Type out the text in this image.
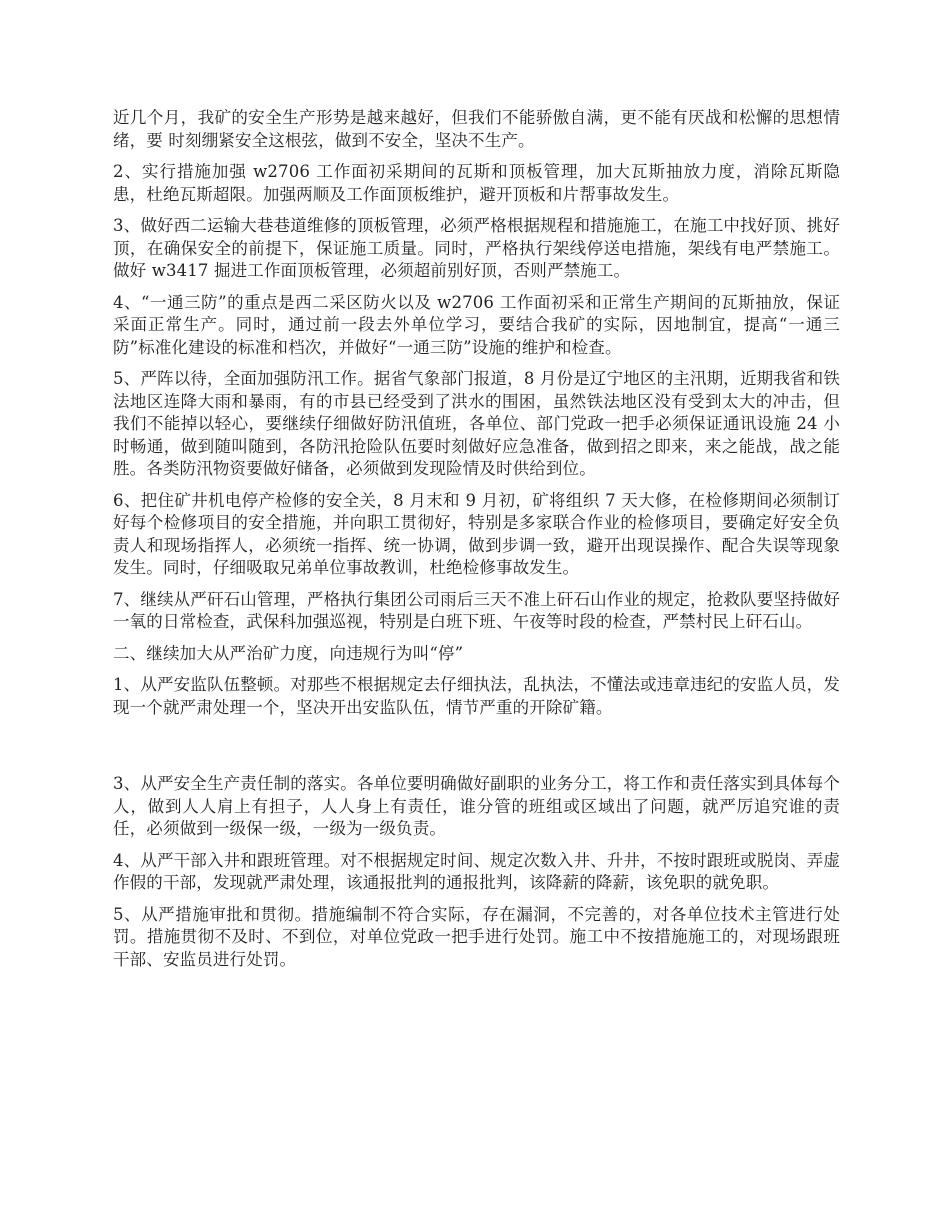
近几个月，我矿的安全生产形势是越来越好，但我们不能骄傲自满，更不能有厌战和松懈的思想情绪，要 时刻绷紧安全这根弦，做到不安全，坚决不生产。

2、实行措施加强 w2706 工作面初采期间的瓦斯和顶板管理，加大瓦斯抽放力度，消除瓦斯隐患，杜绝瓦斯超限。加强两顺及工作面顶板维护，避开顶板和片帮事故发生。

3、做好西二运输大巷巷道维修的顶板管理，必须严格根据规程和措施施工，在施工中找好顶、挑好顶，在确保安全的前提下，保证施工质量。同时，严格执行架线停送电措施，架线有电严禁施工。做好 w3417 掘进工作面顶板管理，必须超前别好顶，否则严禁施工。

4、“一通三防”的重点是西二采区防火以及 w2706 工作面初采和正常生产期间的瓦斯抽放，保证采面正常生产。同时，通过前一段去外单位学习，要结合我矿的实际，因地制宜，提高“一通三防”标准化建设的标准和档次，并做好“一通三防”设施的维护和检查。

5、严阵以待，全面加强防汛工作。据省气象部门报道，8 月份是辽宁地区的主汛期，近期我省和铁法地区连降大雨和暴雨，有的市县已经受到了洪水的围困，虽然铁法地区没有受到太大的冲击，但我们不能掉以轻心，要继续仔细做好防汛值班，各单位、部门党政一把手必须保证通讯设施 24 小时畅通，做到随叫随到，各防汛抢险队伍要时刻做好应急准备，做到招之即来，来之能战，战之能胜。各类防汛物资要做好储备，必须做到发现险情及时供给到位。

6、把住矿井机电停产检修的安全关，8 月末和 9 月初，矿将组织 7 天大修，在检修期间必须制订好每个检修项目的安全措施，并向职工贯彻好，特别是多家联合作业的检修项目，要确定好安全负责人和现场指挥人，必须统一指挥、统一协调，做到步调一致，避开出现误操作、配合失误等现象发生。同时，仔细吸取兄弟单位事故教训，杜绝检修事故发生。

7、继续从严矸石山管理，严格执行集团公司雨后三天不准上矸石山作业的规定，抢救队要坚持做好一氧的日常检查，武保科加强巡视，特别是白班下班、午夜等时段的检查，严禁村民上矸石山。

二、继续加大从严治矿力度，向违规行为叫“停”

1、从严安监队伍整顿。对那些不根据规定去仔细执法，乱执法，不懂法或违章违纪的安监人员，发现一个就严肃处理一个，坚决开出安监队伍，情节严重的开除矿籍。

3、从严安全生产责任制的落实。各单位要明确做好副职的业务分工，将工作和责任落实到具体每个人，做到人人肩上有担子，人人身上有责任，谁分管的班组或区域出了问题，就严厉追究谁的责任，必须做到一级保一级，一级为一级负责。

4、从严干部入井和跟班管理。对不根据规定时间、规定次数入井、升井，不按时跟班或脱岗、弄虚作假的干部，发现就严肃处理，该通报批判的通报批判，该降薪的降薪，该免职的就免职。

5、从严措施审批和贯彻。措施编制不符合实际，存在漏洞，不完善的，对各单位技术主管进行处罚。措施贯彻不及时、不到位，对单位党政一把手进行处罚。施工中不按措施施工的，对现场跟班干部、安监员进行处罚。
